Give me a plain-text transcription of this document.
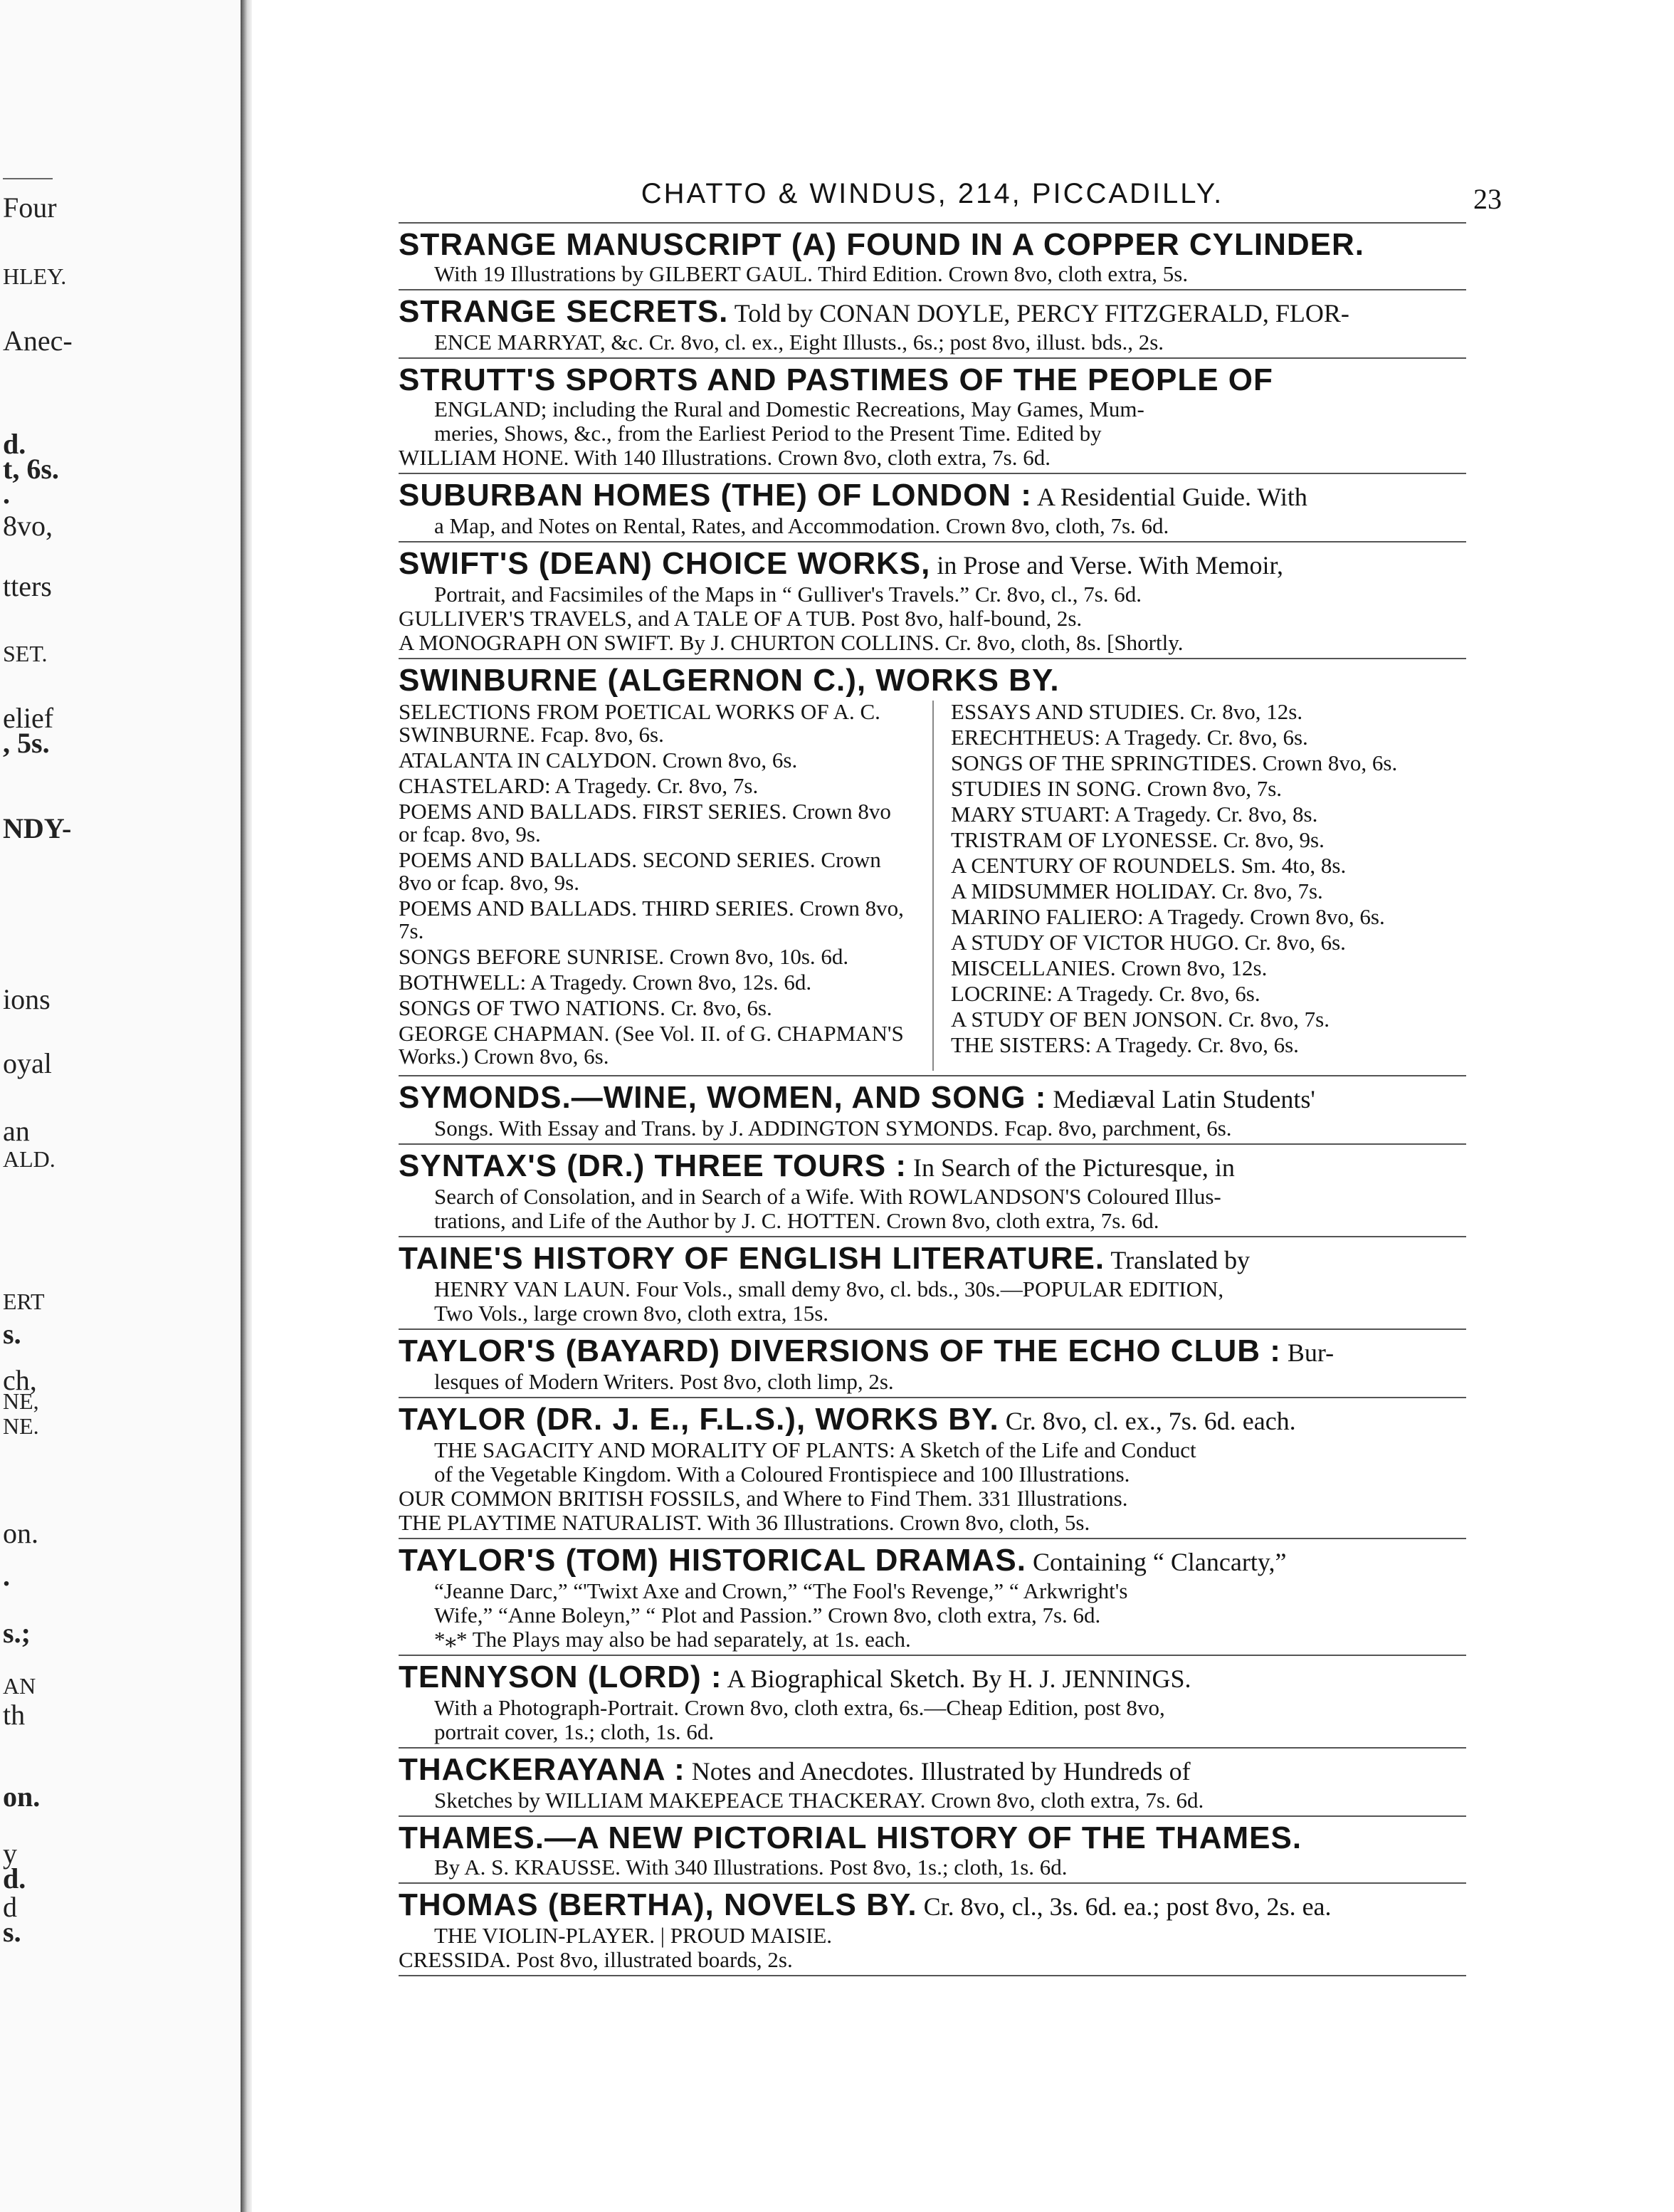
Four
HLEY.
Anec-
d.
t, 6s.
.
8vo,
tters
SET.
elief
, 5s.
NDY-
ions
oyal
an
ALD.
ERT
s.
ch,
NE,
NE.
on.
.
s.;
AN
th
on.
y
d.
d
s.
CHATTO & WINDUS, 214, PICCADILLY.	23
STRANGE MANUSCRIPT (A) FOUND IN A COPPER CYLINDER.
With 19 Illustrations by GILBERT GAUL. Third Edition. Crown 8vo, cloth extra, 5s.
STRANGE SECRETS. Told by CONAN DOYLE, PERCY FITZGERALD, FLOR-
ENCE MARRYAT, &c. Cr. 8vo, cl. ex., Eight Illusts., 6s.; post 8vo, illust. bds., 2s.
STRUTT'S SPORTS AND PASTIMES OF THE PEOPLE OF
ENGLAND; including the Rural and Domestic Recreations, May Games, Mum-
meries, Shows, &c., from the Earliest Period to the Present Time. Edited by
WILLIAM HONE. With 140 Illustrations. Crown 8vo, cloth extra, 7s. 6d.
SUBURBAN HOMES (THE) OF LONDON : A Residential Guide. With
a Map, and Notes on Rental, Rates, and Accommodation. Crown 8vo, cloth, 7s. 6d.
SWIFT'S (DEAN) CHOICE WORKS, in Prose and Verse. With Memoir,
Portrait, and Facsimiles of the Maps in “ Gulliver's Travels.” Cr. 8vo, cl., 7s. 6d.
GULLIVER'S TRAVELS, and A TALE OF A TUB. Post 8vo, half-bound, 2s.
A MONOGRAPH ON SWIFT. By J. CHURTON COLLINS. Cr. 8vo, cloth, 8s. [Shortly.
SWINBURNE (ALGERNON C.), WORKS BY.
SELECTIONS FROM POETICAL WORKS OF A. C. SWINBURNE. Fcap. 8vo, 6s.
ATALANTA IN CALYDON. Crown 8vo, 6s.
CHASTELARD: A Tragedy. Cr. 8vo, 7s.
POEMS AND BALLADS. FIRST SERIES. Crown 8vo or fcap. 8vo, 9s.
POEMS AND BALLADS. SECOND SERIES. Crown 8vo or fcap. 8vo, 9s.
POEMS AND BALLADS. THIRD SERIES. Crown 8vo, 7s.
SONGS BEFORE SUNRISE. Crown 8vo, 10s. 6d.
BOTHWELL: A Tragedy. Crown 8vo, 12s. 6d.
SONGS OF TWO NATIONS. Cr. 8vo, 6s.
GEORGE CHAPMAN. (See Vol. II. of G. CHAPMAN'S Works.) Crown 8vo, 6s.
ESSAYS AND STUDIES. Cr. 8vo, 12s.
ERECHTHEUS: A Tragedy. Cr. 8vo, 6s.
SONGS OF THE SPRINGTIDES. Crown 8vo, 6s.
STUDIES IN SONG. Crown 8vo, 7s.
MARY STUART: A Tragedy. Cr. 8vo, 8s.
TRISTRAM OF LYONESSE. Cr. 8vo, 9s.
A CENTURY OF ROUNDELS. Sm. 4to, 8s.
A MIDSUMMER HOLIDAY. Cr. 8vo, 7s.
MARINO FALIERO: A Tragedy. Crown 8vo, 6s.
A STUDY OF VICTOR HUGO. Cr. 8vo, 6s.
MISCELLANIES. Crown 8vo, 12s.
LOCRINE: A Tragedy. Cr. 8vo, 6s.
A STUDY OF BEN JONSON. Cr. 8vo, 7s.
THE SISTERS: A Tragedy. Cr. 8vo, 6s.
SYMONDS.—WINE, WOMEN, AND SONG : Mediæval Latin Students'
Songs. With Essay and Trans. by J. ADDINGTON SYMONDS. Fcap. 8vo, parchment, 6s.
SYNTAX'S (DR.) THREE TOURS : In Search of the Picturesque, in
Search of Consolation, and in Search of a Wife. With ROWLANDSON'S Coloured Illus-
trations, and Life of the Author by J. C. HOTTEN. Crown 8vo, cloth extra, 7s. 6d.
TAINE'S HISTORY OF ENGLISH LITERATURE. Translated by
HENRY VAN LAUN. Four Vols., small demy 8vo, cl. bds., 30s.—POPULAR EDITION,
Two Vols., large crown 8vo, cloth extra, 15s.
TAYLOR'S (BAYARD) DIVERSIONS OF THE ECHO CLUB : Bur-
lesques of Modern Writers. Post 8vo, cloth limp, 2s.
TAYLOR (DR. J. E., F.L.S.), WORKS BY. Cr. 8vo, cl. ex., 7s. 6d. each.
THE SAGACITY AND MORALITY OF PLANTS: A Sketch of the Life and Conduct
of the Vegetable Kingdom. With a Coloured Frontispiece and 100 Illustrations.
OUR COMMON BRITISH FOSSILS, and Where to Find Them. 331 Illustrations.
THE PLAYTIME NATURALIST. With 36 Illustrations. Crown 8vo, cloth, 5s.
TAYLOR'S (TOM) HISTORICAL DRAMAS. Containing “ Clancarty,”
“Jeanne Darc,” “'Twixt Axe and Crown,” “The Fool's Revenge,” “ Arkwright's
Wife,” “Anne Boleyn,” “ Plot and Passion.” Crown 8vo, cloth extra, 7s. 6d.
*⁎* The Plays may also be had separately, at 1s. each.
TENNYSON (LORD) : A Biographical Sketch. By H. J. JENNINGS.
With a Photograph-Portrait. Crown 8vo, cloth extra, 6s.—Cheap Edition, post 8vo,
portrait cover, 1s.; cloth, 1s. 6d.
THACKERAYANA : Notes and Anecdotes. Illustrated by Hundreds of
Sketches by WILLIAM MAKEPEACE THACKERAY. Crown 8vo, cloth extra, 7s. 6d.
THAMES.—A NEW PICTORIAL HISTORY OF THE THAMES.
By A. S. KRAUSSE. With 340 Illustrations. Post 8vo, 1s.; cloth, 1s. 6d.
THOMAS (BERTHA), NOVELS BY. Cr. 8vo, cl., 3s. 6d. ea.; post 8vo, 2s. ea.
THE VIOLIN-PLAYER. | PROUD MAISIE.
CRESSIDA. Post 8vo, illustrated boards, 2s.
